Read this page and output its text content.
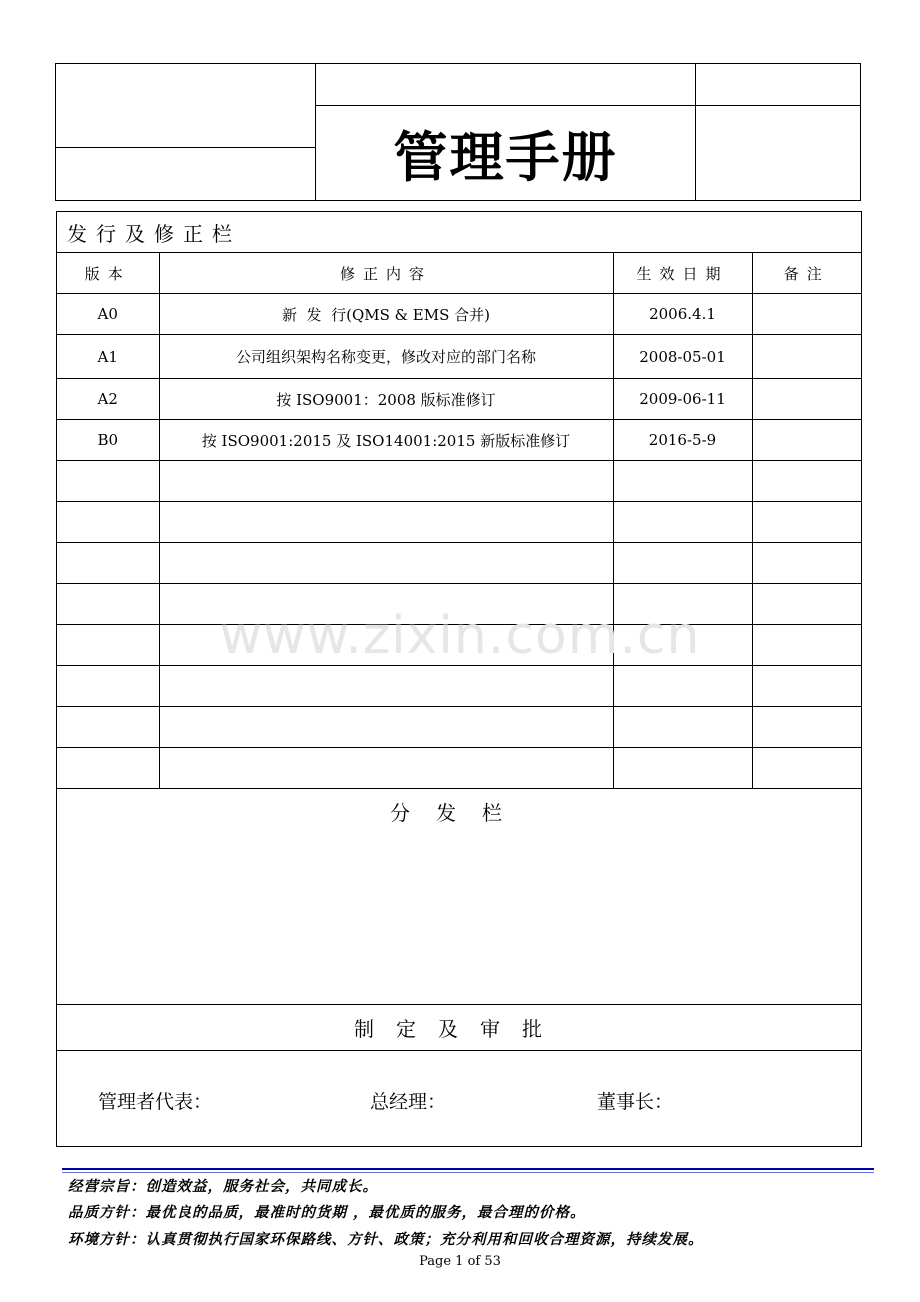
管理手册
发行及修正栏
版本	修正内容	生效日期	备注
A0	新  发  行(QMS & EMS 合并)	2006.4.1	
A1	公司组织架构名称变更，修改对应的部门名称	2008-05-01	
A2	按 ISO9001：2008 版标准修订	2009-06-11	
B0	按 ISO9001:2015 及 ISO14001:2015 新版标准修订	2016-5-9	

分发栏
制定及审批
管理者代表：	总经理：	董事长：
www.zixin.com.cn
经营宗旨：创造效益，服务社会，共同成长。
品质方针：最优良的品质，最准时的货期 ，最优质的服务，最合理的价格。
环境方针：认真贯彻执行国家环保路线、方针、政策；充分利用和回收合理资源，持续发展。
Page 1 of 53
